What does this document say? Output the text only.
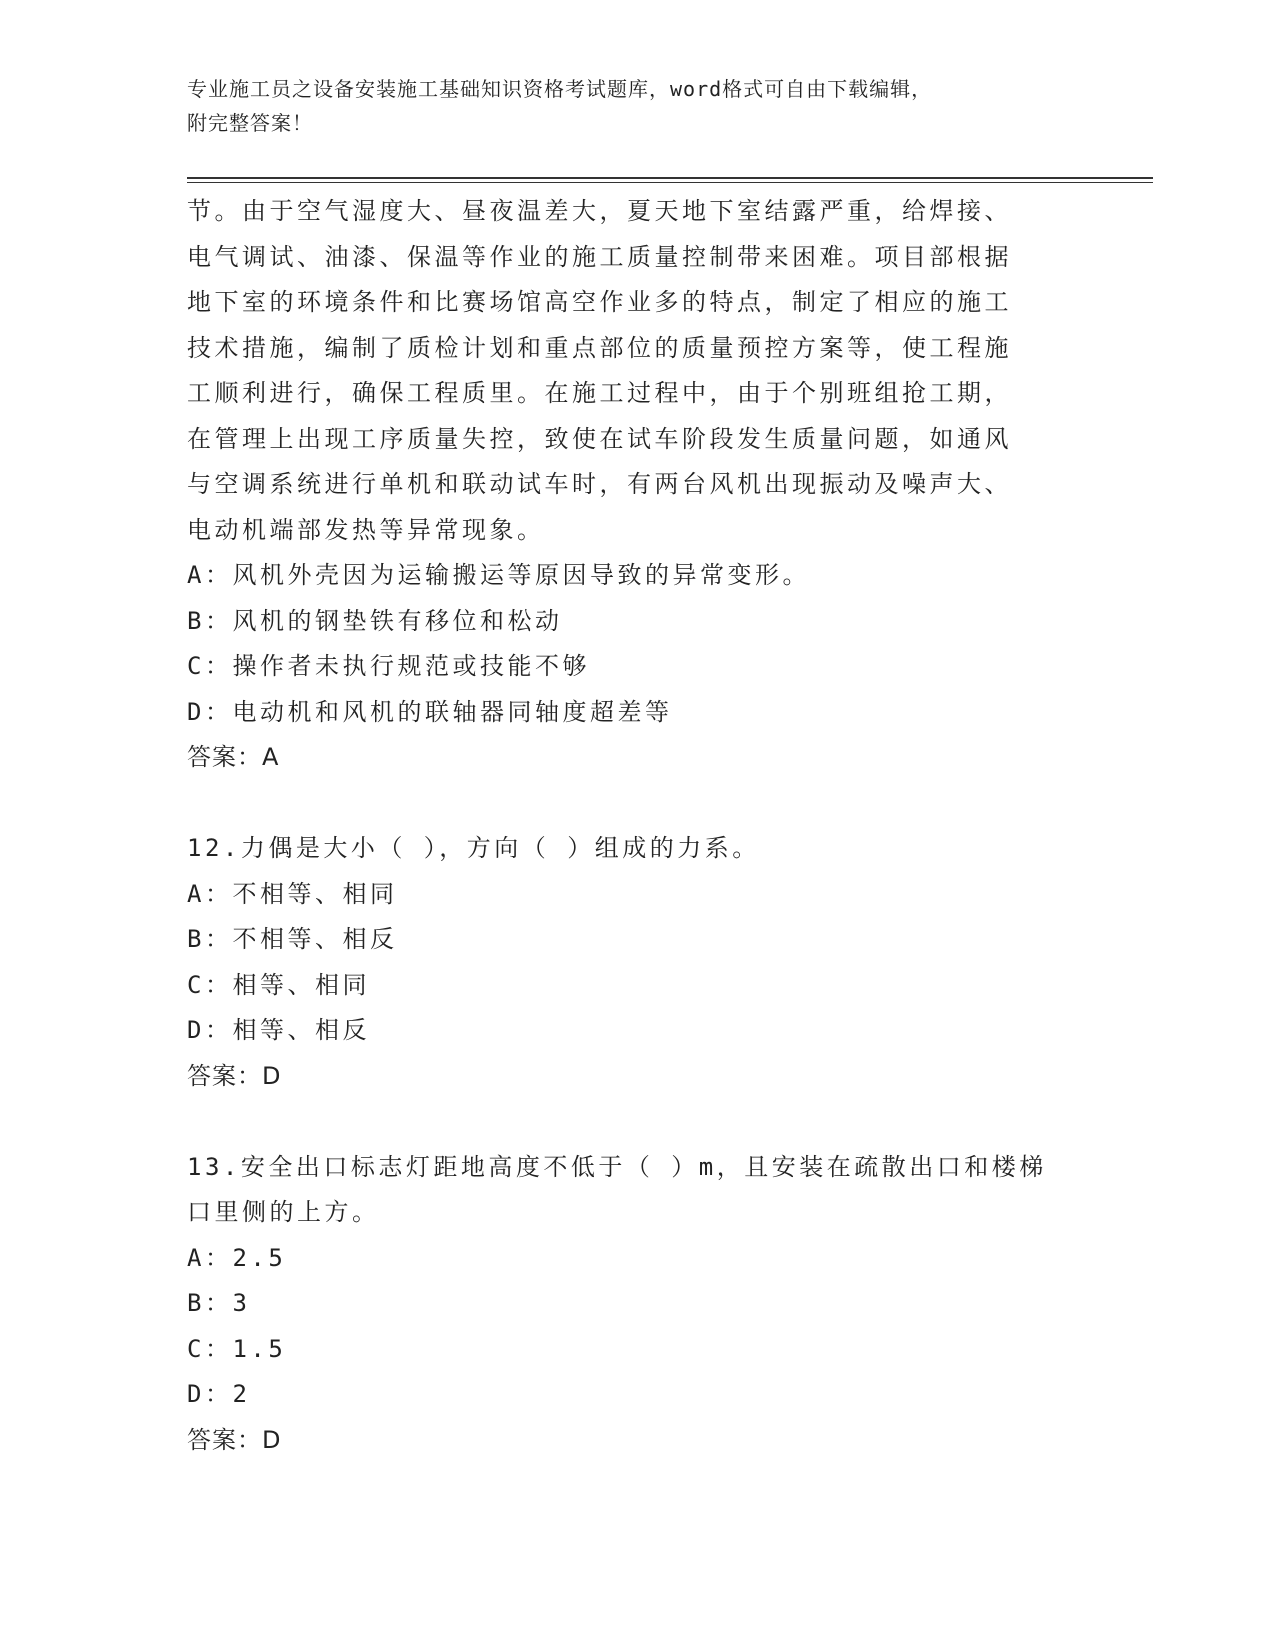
专业施工员之设备安装施工基础知识资格考试题库，word格式可自由下载编辑，
附完整答案！
节。由于空气湿度大、昼夜温差大，夏天地下室结露严重，给焊接、
电气调试、油漆、保温等作业的施工质量控制带来困难。项目部根据
地下室的环境条件和比赛场馆高空作业多的特点，制定了相应的施工
技术措施，编制了质检计划和重点部位的质量预控方案等，使工程施
工顺利进行，确保工程质里。在施工过程中，由于个别班组抢工期，
在管理上出现工序质量失控，致使在试车阶段发生质量问题，如通风
与空调系统进行单机和联动试车时，有两台风机出现振动及噪声大、
电动机端部发热等异常现象。
A：风机外壳因为运输搬运等原因导致的异常变形。
B：风机的钢垫铁有移位和松动
C：操作者未执行规范或技能不够
D：电动机和风机的联轴器同轴度超差等
答案：A
12.力偶是大小（ ），方向（ ）组成的力系。
A：不相等、相同
B：不相等、相反
C：相等、相同
D：相等、相反
答案：D
13.安全出口标志灯距地高度不低于（ ）m，且安装在疏散出口和楼梯
口里侧的上方。
A：2.5
B：3
C：1.5
D：2
答案：D
